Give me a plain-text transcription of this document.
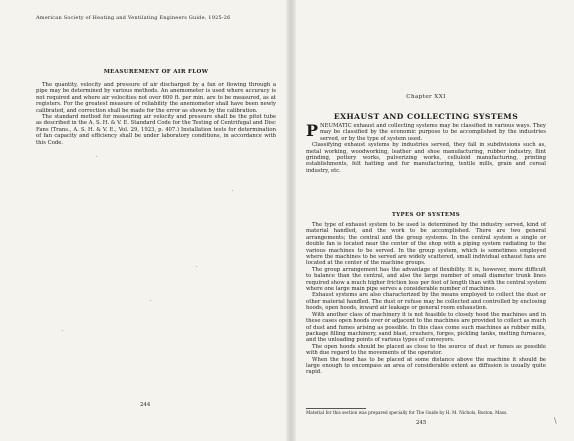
American Society of Heating and Ventilating Engineers Guide, 1925-26
MEASUREMENT OF AIR FLOW

The quantity, velocity and pressure of air discharged by a fan or flowing through a pipe may be determined by various methods. An anemometer is used where accuracy is not required and where air velocities not over 600 ft. per min. are to be measured, as at registers. For the greatest measure of reliability the anemometer shall have been newly calibrated, and correction shall be made for the error as shown by the calibration.

The standard method for measuring air velocity and pressure shall be the pitot tube as described in the A. S. H. & V. E. Standard Code for the Testing of Centrifugal and Disc Fans (Trans., A. S. H. & V. E., Vol. 29, 1923, p. 407.) Installation tests for determination of fan capacity and efficiency shall be under laboratory conditions, in accordance with this Code.

244
Chapter XXI
EXHAUST AND COLLECTING SYSTEMS

PNEUMATIC exhaust and collecting systems may be classified in various ways. They may be classified by the economic purpose to be accomplished by the industries served, or by the type of system used.

Classifying exhaust systems by industries served, they fall in subdivisions such as, metal working, woodworking, leather and shoe manufacturing, rubber industry, flint grinding, pottery works, pulverizing works, celluloid manufacturing, printing establishments, felt hatting and fur manufacturing, textile mills, grain and cereal industry, etc.

TYPES OF SYSTEMS

The type of exhaust system to be used is determined by the industry served, kind of material handled, and the work to be accomplished. There are two general arrangements; the central and the group systems. In the central system a single or double fan is located near the center of the shop with a piping system radiating to the various machines to be served. In the group system, which is sometimes employed where the machines to be served are widely scattered, small individual exhaust fans are located at the center of the machine groups.

The group arrangement has the advantage of flexibility. It is, however, more difficult to balance than the central, and also the large number of small diameter trunk lines required show a much higher friction loss per foot of length than with the central system where one large main pipe serves a considerable number of machines.

Exhaust systems are also characterized by the means employed to collect the dust or other material handled. The dust or refuse may be collected and controlled by enclosing hoods, open hoods, inward air leakage or general room exhaustion.

With another class of machinery it is not feasible to closely hood the machines and in these cases open hoods over or adjacent to the machines are provided to collect as much of dust and fumes arising as possible. In this class come such machines as rubber mills, package filling machinery, sand blast, crushers, forges, pickling tanks, melting furnaces, and the unloading points of various types of conveyors.

The open hoods should be placed as close to the source of dust or fumes as possible with due regard to the movements of the operator.

When the hood has to be placed at some distance above the machine it should be large enough to encompass an area of considerable extent as diffusion is usually quite rapid.

Material for this section was prepared specially for The Guide by H. M. Nichols, Boston, Mass.
245	/
